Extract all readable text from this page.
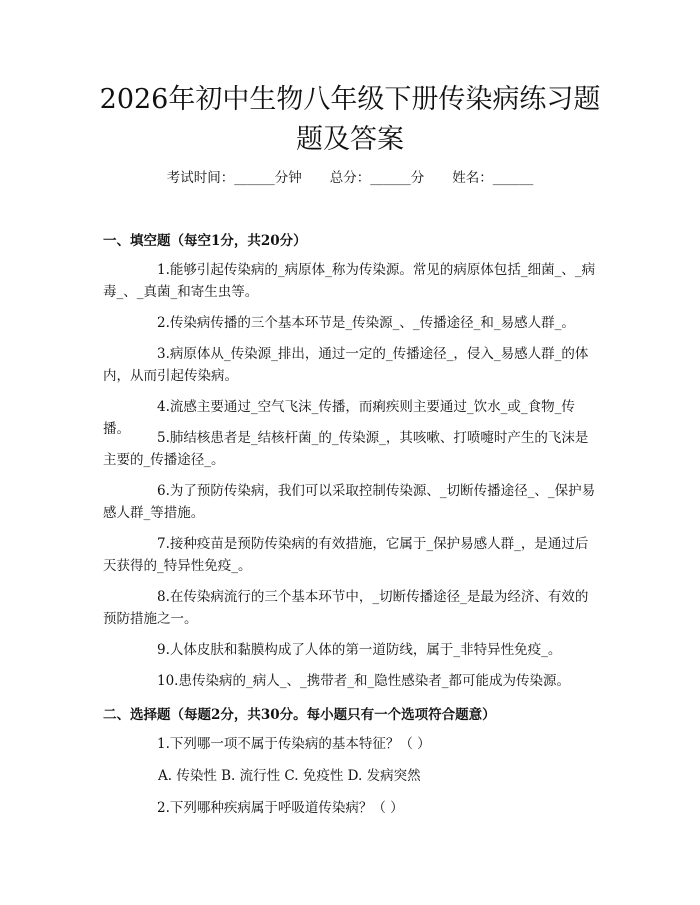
2026年初中生物八年级下册传染病练习题题及答案
考试时间：______分钟 总分：______分 姓名：______
一、填空题（每空1分，共20分）

1.能够引起传染病的_病原体_称为传染源。常见的病原体包括_细菌_、_病毒_、_真菌_和寄生虫等。

2.传染病传播的三个基本环节是_传染源_、_传播途径_和_易感人群_。

3.病原体从_传染源_排出，通过一定的_传播途径_，侵入_易感人群_的体内，从而引起传染病。

4.流感主要通过_空气飞沫_传播，而痢疾则主要通过_饮水_或_食物_传播。

5.肺结核患者是_结核杆菌_的_传染源_，其咳嗽、打喷嚏时产生的飞沫是主要的_传播途径_。

6.为了预防传染病，我们可以采取控制传染源、_切断传播途径_、_保护易感人群_等措施。

7.接种疫苗是预防传染病的有效措施，它属于_保护易感人群_，是通过后天获得的_特异性免疫_。

8.在传染病流行的三个基本环节中，_切断传播途径_是最为经济、有效的预防措施之一。

9.人体皮肤和黏膜构成了人体的第一道防线，属于_非特异性免疫_。

10.患传染病的_病人_、_携带者_和_隐性感染者_都可能成为传染源。

二、选择题（每题2分，共30分。每小题只有一个选项符合题意）

1.下列哪一项不属于传染病的基本特征？（ ）

A. 传染性 B. 流行性 C. 免疫性 D. 发病突然

2.下列哪种疾病属于呼吸道传染病？（ ）
